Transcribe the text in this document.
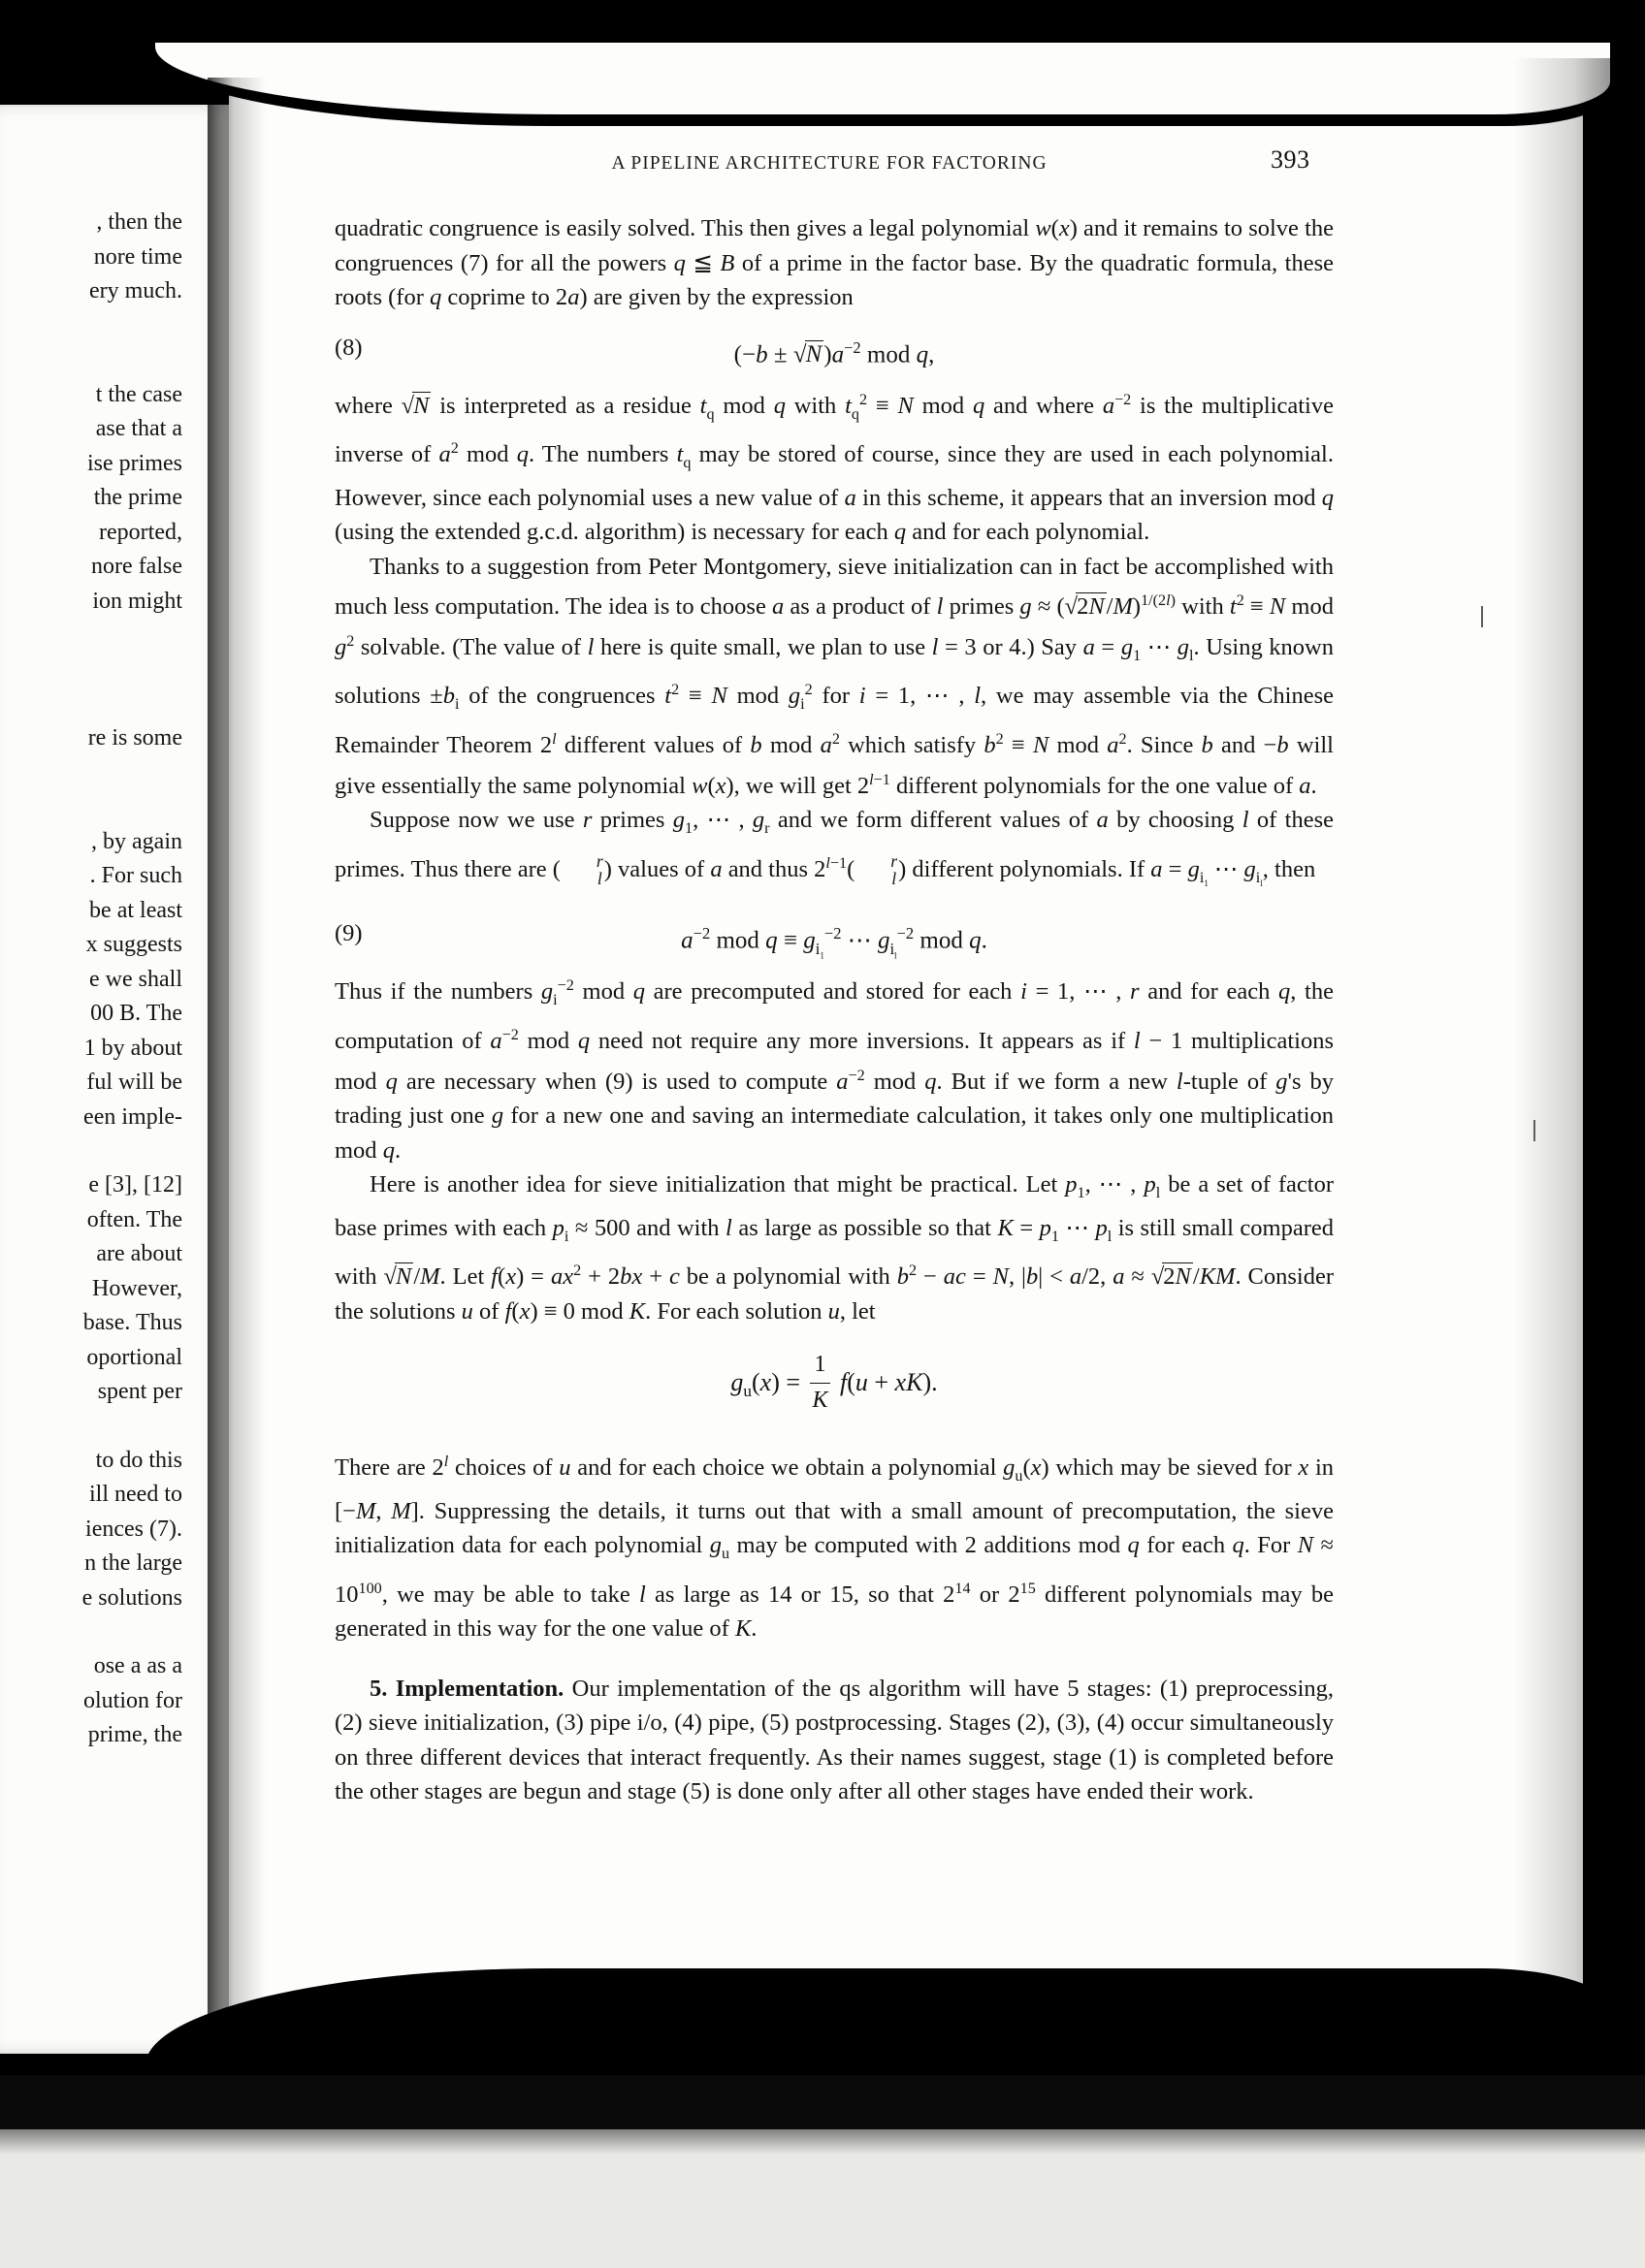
, then the
nore time
ery much.
t the case
ase that a
ise primes
the prime
reported,
nore false
ion might
re is some
, by again
. For such
be at least
x suggests
e we shall
00 B. The
1 by about
ful will be
een imple-
e [3], [12]
often. The
are about
However,
base. Thus
oportional
spent per
to do this
ill need to
iences (7).
n the large
e solutions
ose a as a
olution for
prime, the
A PIPELINE ARCHITECTURE FOR FACTORING	393

quadratic congruence is easily solved. This then gives a legal polynomial w(x) and it remains to solve the congruences (7) for all the powers q ≦ B of a prime in the factor base. By the quadratic formula, these roots (for q coprime to 2a) are given by the expression

(8)	$(-b \pm √N)a^{-2}$ mod q,

where √N is interpreted as a residue $t_q$ mod q with $t_q^2 \equiv N$ mod q and where $a^{-2}$ is the multiplicative inverse of $a^2$ mod q. The numbers $t_q$ may be stored of course, since they are used in each polynomial. However, since each polynomial uses a new value of a in this scheme, it appears that an inversion mod q (using the extended g.c.d. algorithm) is necessary for each q and for each polynomial.

Thanks to a suggestion from Peter Montgomery, sieve initialization can in fact be accomplished with much less computation. The idea is to choose a as a product of l primes $g \approx (√2N/M)^{1/(2l)}$ with $t^2 \equiv N$ mod $g^2$ solvable. (The value of l here is quite small, we plan to use l = 3 or 4.) Say $a = g_1$ ⋯ $g_l$. Using known solutions $\pm b_i$ of the congruences $t^2 \equiv N$ mod $g_i^2$ for i = 1, ⋯ , l, we may assemble via the Chinese Remainder Theorem 2$^l$ different values of b mod $a^2$ which satisfy $b^2 \equiv N$ mod $a^2$. Since b and −b will give essentially the same polynomial w(x), we will get $2^{l-1}$ different polynomials for the one value of a.

Suppose now we use r primes $g_1$, ⋯ , $g_r$ and we form different values of a by choosing l of these primes. Thus there are (	r
l ) values of a and thus $2^{l-1}$(	r
l ) different polynomials. If $a = g_{i_1}$ ⋯ $g_{i_l}$, then

(9)	$a^{-2}$ mod $q \equiv g_{i_1}^{-2}$ ⋯ $g_{i_l}^{-2}$ mod q.

Thus if the numbers $g_i^{-2}$ mod q are precomputed and stored for each i = 1, ⋯ , r and for each q, the computation of $a^{-2}$ mod q need not require any more inversions. It appears as if l − 1 multiplications mod q are necessary when (9) is used to compute $a^{-2}$ mod q. But if we form a new l-tuple of g's by trading just one g for a new one and saving an intermediate calculation, it takes only one multiplication mod q.

Here is another idea for sieve initialization that might be practical. Let $p_1$, ⋯ , $p_l$ be a set of factor base primes with each $p_i \approx 500$ and with l as large as possible so that $K = p_1$ ⋯ $p_l$ is still small compared with √N/M. Let $f(x) = ax^2 + 2bx + c$ be a polynomial with $b^2$ − ac = N, |b| < a/2, a ≈ √2N/KM. Consider the solutions u of f(x) ≡ 0 mod K. For each solution u, let

$g_u(x) = \frac{1}{K} f(u + xK)$.

There are 2$^l$ choices of u and for each choice we obtain a polynomial $g_u(x)$ which may be sieved for x in [−M, M]. Suppressing the details, it turns out that with a small amount of precomputation, the sieve initialization data for each polynomial $g_u$ may be computed with 2 additions mod q for each q. For $N \approx 10^{100}$, we may be able to take l as large as 14 or 15, so that $2^{14}$ or $2^{15}$ different polynomials may be generated in this way for the one value of K.

5. Implementation. Our implementation of the qs algorithm will have 5 stages: (1) preprocessing, (2) sieve initialization, (3) pipe i/o, (4) pipe, (5) postprocessing. Stages (2), (3), (4) occur simultaneously on three different devices that interact frequently. As their names suggest, stage (1) is completed before the other stages are begun and stage (5) is done only after all other stages have ended their work.
